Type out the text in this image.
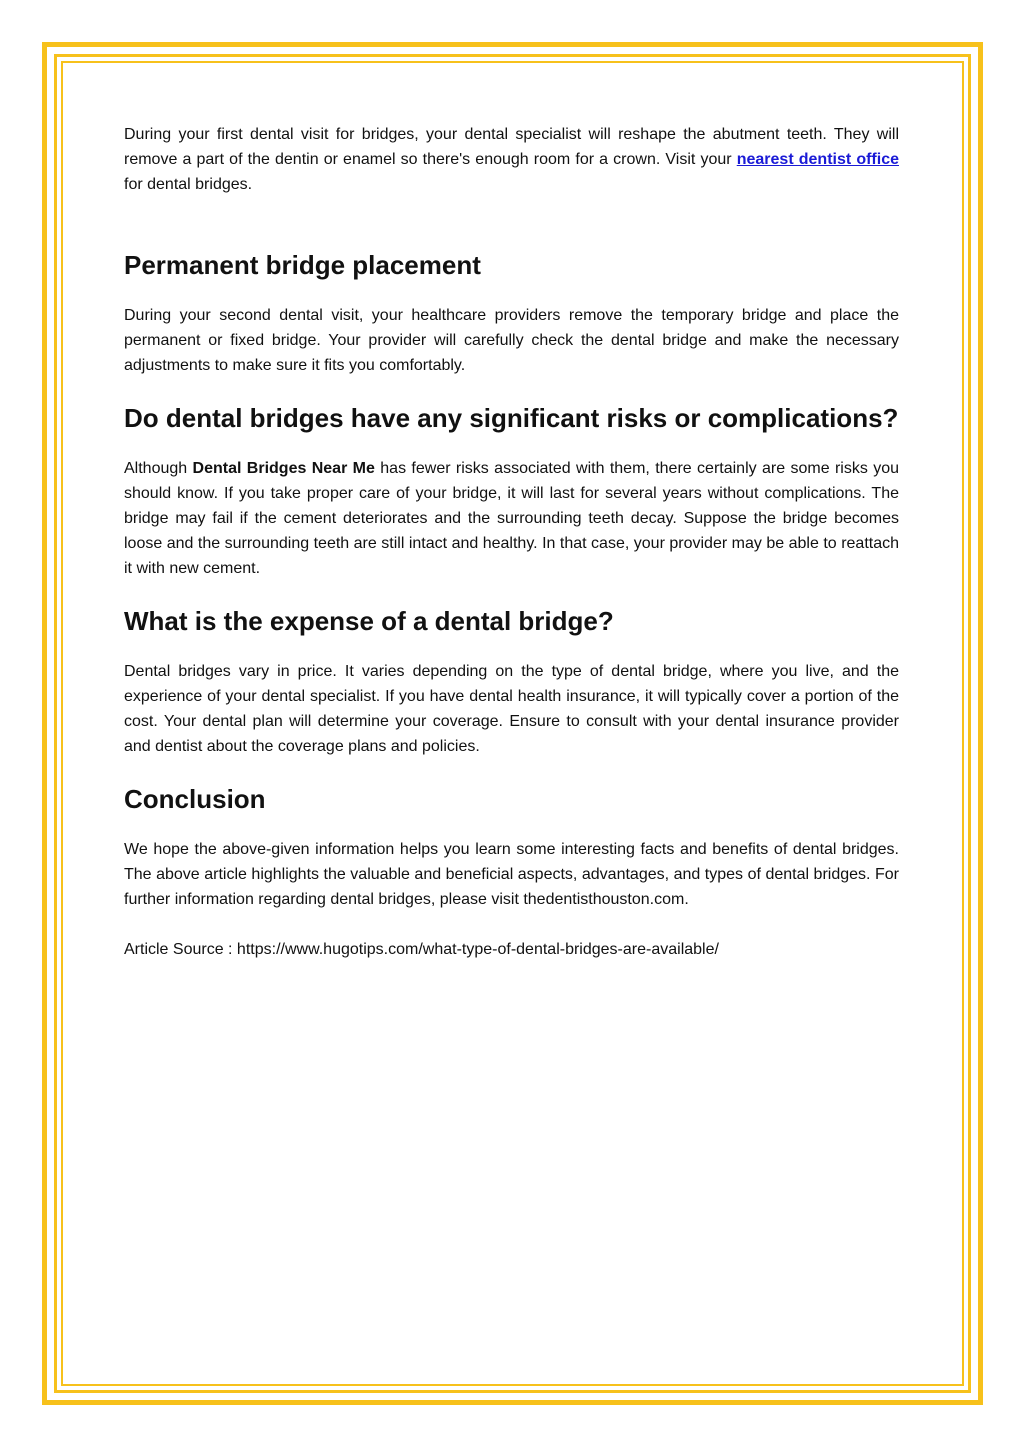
During your first dental visit for bridges, your dental specialist will reshape the abutment teeth. They will remove a part of the dentin or enamel so there's enough room for a crown. Visit your nearest dentist office for dental bridges.

Permanent bridge placement

During your second dental visit, your healthcare providers remove the temporary bridge and place the permanent or fixed bridge. Your provider will carefully check the dental bridge and make the necessary adjustments to make sure it fits you comfortably.

Do dental bridges have any significant risks or complications?

Although Dental Bridges Near Me has fewer risks associated with them, there certainly are some risks you should know. If you take proper care of your bridge, it will last for several years without complications. The bridge may fail if the cement deteriorates and the surrounding teeth decay. Suppose the bridge becomes loose and the surrounding teeth are still intact and healthy. In that case, your provider may be able to reattach it with new cement.

What is the expense of a dental bridge?

Dental bridges vary in price. It varies depending on the type of dental bridge, where you live, and the experience of your dental specialist. If you have dental health insurance, it will typically cover a portion of the cost. Your dental plan will determine your coverage. Ensure to consult with your dental insurance provider and dentist about the coverage plans and policies.

Conclusion

We hope the above-given information helps you learn some interesting facts and benefits of dental bridges. The above article highlights the valuable and beneficial aspects, advantages, and types of dental bridges. For further information regarding dental bridges, please visit thedentisthouston.com.

Article Source : https://www.hugotips.com/what-type-of-dental-bridges-are-available/
